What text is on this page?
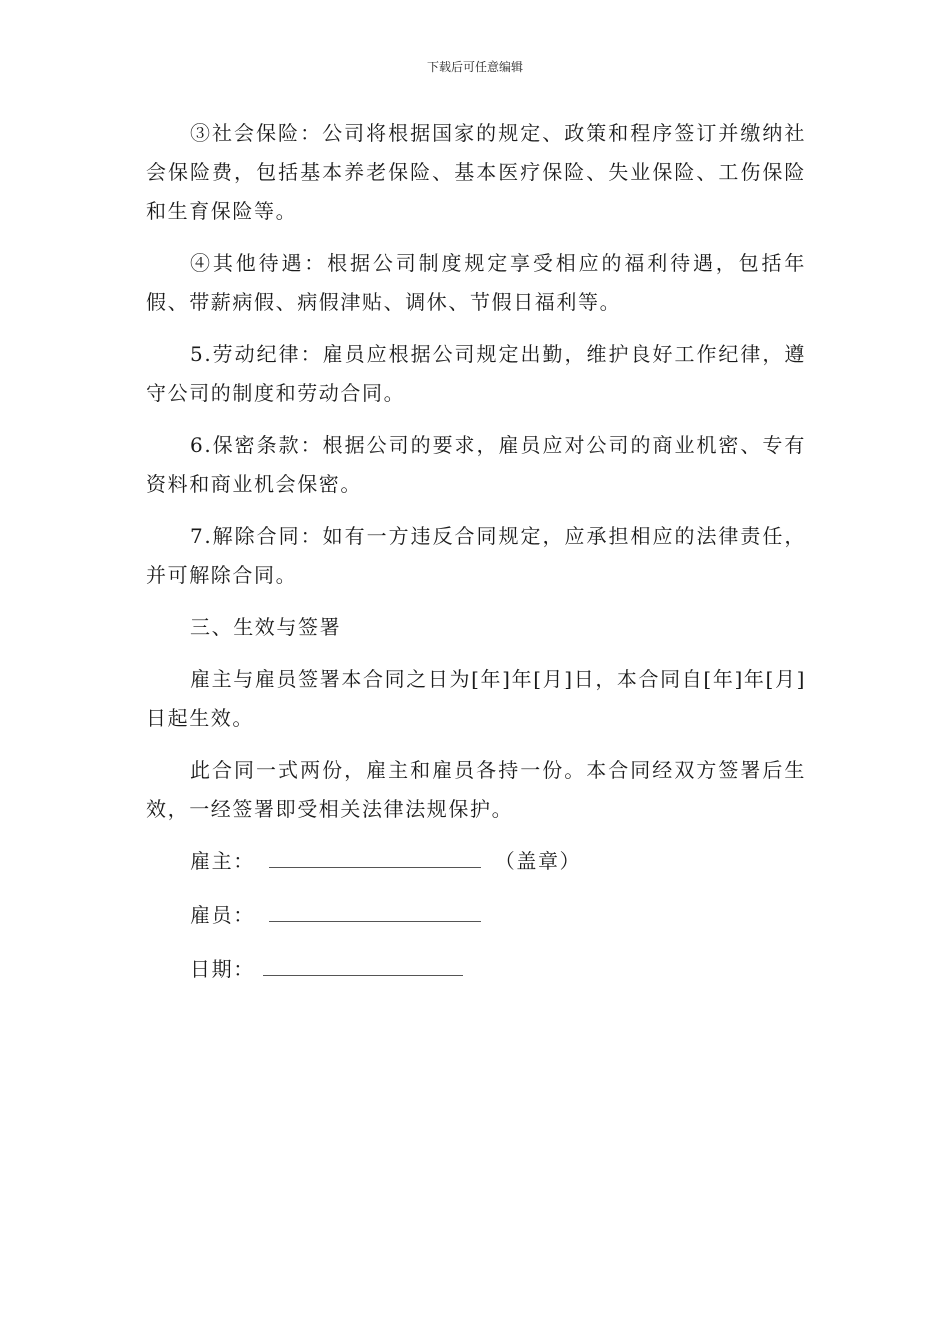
下载后可任意编辑

③社会保险：公司将根据国家的规定、政策和程序签订并缴纳社会保险费，包括基本养老保险、基本医疗保险、失业保险、工伤保险和生育保险等。

④其他待遇：根据公司制度规定享受相应的福利待遇，包括年假、带薪病假、病假津贴、调休、节假日福利等。

5.劳动纪律：雇员应根据公司规定出勤，维护良好工作纪律，遵守公司的制度和劳动合同。

6.保密条款：根据公司的要求，雇员应对公司的商业机密、专有资料和商业机会保密。

7.解除合同：如有一方违反合同规定，应承担相应的法律责任，并可解除合同。

三、生效与签署

雇主与雇员签署本合同之日为[年]年[月]日，本合同自[年]年[月]日起生效。

此合同一式两份，雇主和雇员各持一份。本合同经双方签署后生效，一经签署即受相关法律法规保护。

雇主：	（盖章）
雇员：
日期：
